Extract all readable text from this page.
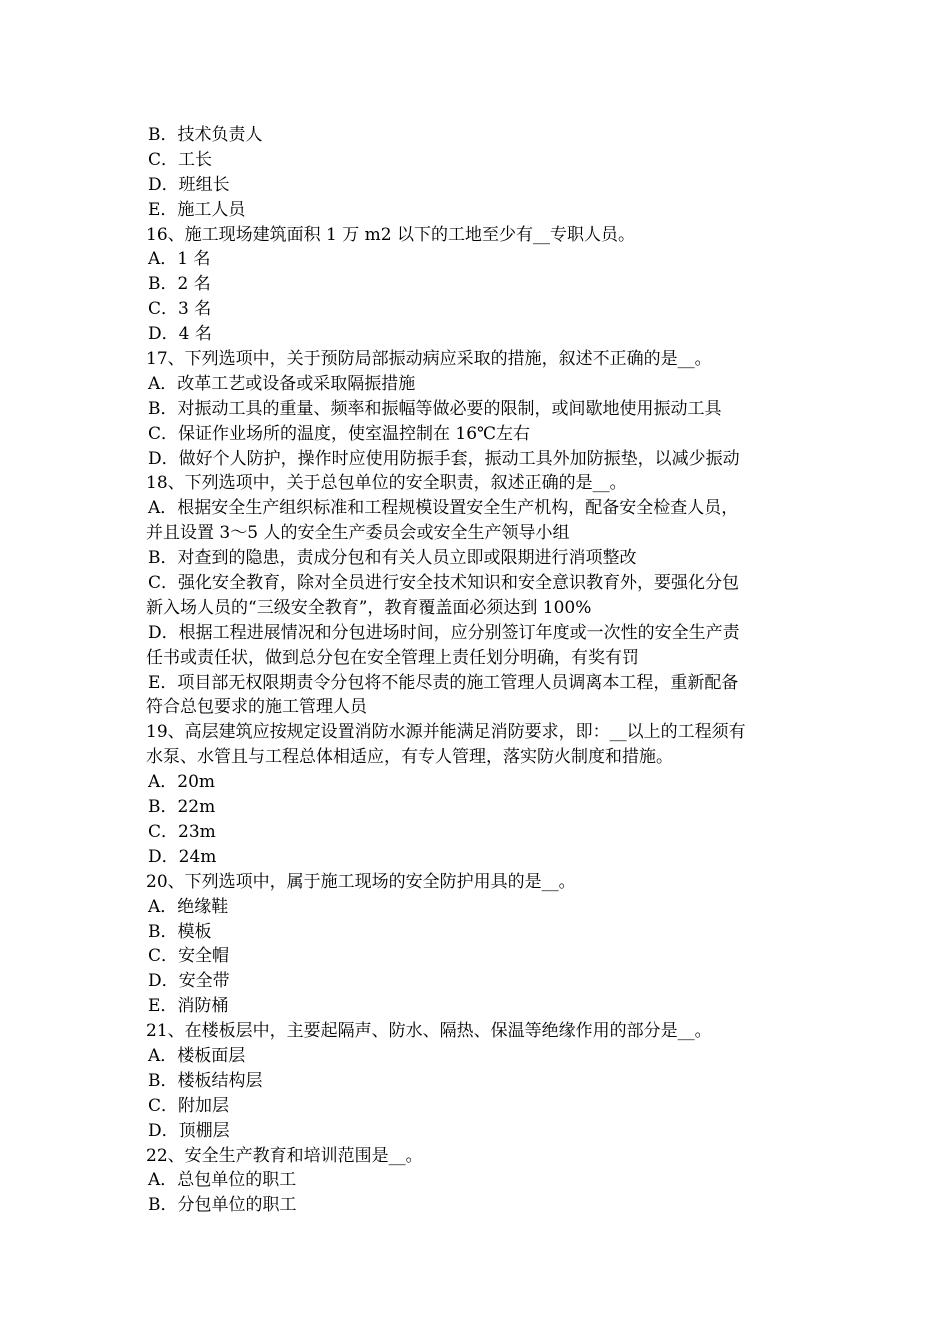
B．技术负责人
C．工长
D．班组长
E．施工人员
16、施工现场建筑面积 1 万 m2 以下的工地至少有__专职人员。
A．1 名
B．2 名
C．3 名
D．4 名
17、下列选项中，关于预防局部振动病应采取的措施，叙述不正确的是__。
A．改革工艺或设备或采取隔振措施
B．对振动工具的重量、频率和振幅等做必要的限制，或间歇地使用振动工具
C．保证作业场所的温度，使室温控制在 16℃左右
D．做好个人防护，操作时应使用防振手套，振动工具外加防振垫，以减少振动
18、下列选项中，关于总包单位的安全职责，叙述正确的是__。
A．根据安全生产组织标准和工程规模设置安全生产机构，配备安全检查人员，
并且设置 3～5 人的安全生产委员会或安全生产领导小组
B．对查到的隐患，责成分包和有关人员立即或限期进行消项整改
C．强化安全教育，除对全员进行安全技术知识和安全意识教育外，要强化分包
新入场人员的“三级安全教育”，教育覆盖面必须达到 100%
D．根据工程进展情况和分包进场时间，应分别签订年度或一次性的安全生产责
任书或责任状，做到总分包在安全管理上责任划分明确，有奖有罚
E．项目部无权限期责令分包将不能尽责的施工管理人员调离本工程，重新配备
符合总包要求的施工管理人员
19、高层建筑应按规定设置消防水源并能满足消防要求，即：__以上的工程须有
水泵、水管且与工程总体相适应，有专人管理，落实防火制度和措施。
A．20m
B．22m
C．23m
D．24m
20、下列选项中，属于施工现场的安全防护用具的是__。
A．绝缘鞋
B．模板
C．安全帽
D．安全带
E．消防桶
21、在楼板层中，主要起隔声、防水、隔热、保温等绝缘作用的部分是__。
A．楼板面层
B．楼板结构层
C．附加层
D．顶棚层
22、安全生产教育和培训范围是__。
A．总包单位的职工
B．分包单位的职工
